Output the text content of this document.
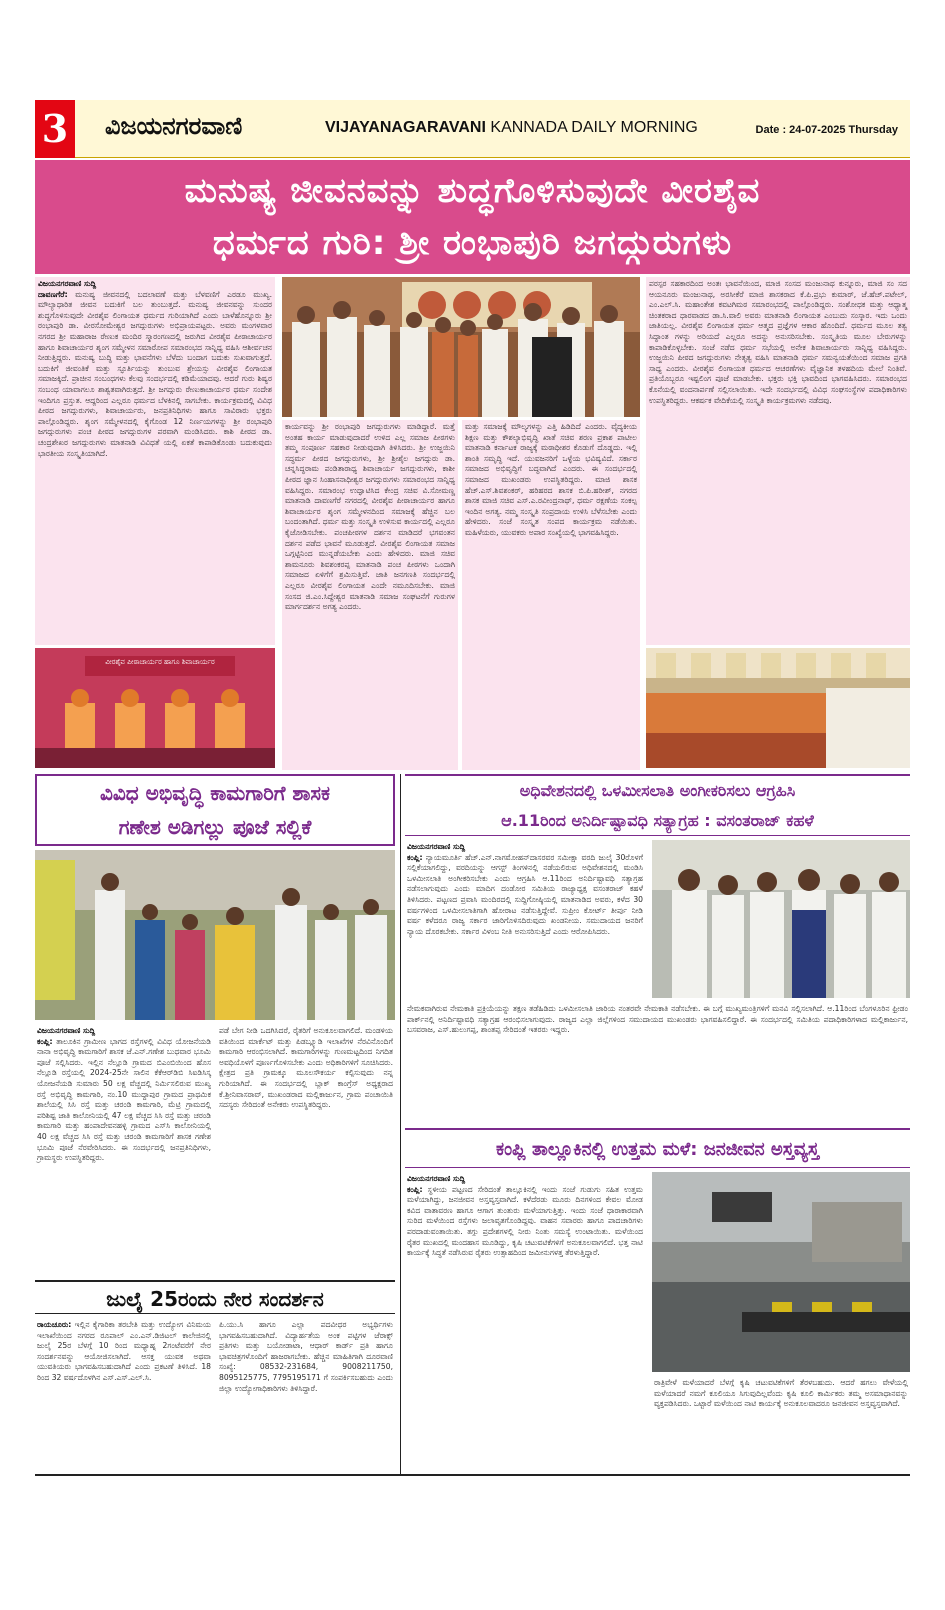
3 ವಿಜಯನಗರವಾಣಿ	VIJAYANAGARAVANI KANNADA DAILY MORNING	Date : 24-07-2025 Thursday
ಮನುಷ್ಯ ಜೀವನವನ್ನು ಶುದ್ಧಗೊಳಿಸುವುದೇ ವೀರಶೈವ
ಧರ್ಮದ ಗುರಿ: ಶ್ರೀ ರಂಭಾಪುರಿ ಜಗದ್ಗುರುಗಳು
ವಿಜಯನಗರವಾಣಿ ಸುದ್ದಿ
ದಾವಣಗೆರೆ: ಮನುಷ್ಯ ಜೀವನದಲ್ಲಿ ಬದಲಾವಣೆ ಮತ್ತು ಬೆಳವಣಿಗೆ ಎರಡೂ ಮುಖ್ಯ. ಮೌಲ್ಯಾಧಾರಿತ ಜೀವನ ಬದುಕಿಗೆ ಬಲ ತುಂಬುತ್ತದೆ. ಮನುಷ್ಯ ಜೀವನವನ್ನು ಸುಂದರ ಶುದ್ಧಗೊಳಿಸುವುದೇ ವೀರಶೈವ ಲಿಂಗಾಯತ ಧರ್ಮದ ಗುರಿಯಾಗಿದೆ ಎಂದು ಬಾಳೆಹೊನ್ನೂರು ಶ್ರೀ ರಂಭಾಪುರಿ ಡಾ. ವೀರಸೋಮೇಶ್ವರ ಜಗದ್ಗುರುಗಳು ಅಭಿಪ್ರಾಯಪಟ್ಟರು. ಅವರು ಮಂಗಳವಾರ ನಗರದ ಶ್ರೀ ಮಹಾರಾಜ ರೇಣುಕ ಮಂದಿರ ಸ್ಮಾರಂಗಣದಲ್ಲಿ ಜರುಗಿದ ವೀರಶೈವ ಪೀಠಾಚಾರ್ಯರ ಹಾಗೂ ಶಿವಾಚಾರ್ಯರ ಶೃಂಗ ಸಮ್ಮೇಳನ ಸಮಾರೋಪ ಸಮಾರಂಭದ ಸಾನ್ನಿಧ್ಯ ವಹಿಸಿ ಆಶೀರ್ವಚನ ನೀಡುತ್ತಿದ್ದರು. ಮನುಷ್ಯ ಬುದ್ಧಿ ಮತ್ತು ಭಾವನೆಗಳು ಬೆಳೆದು ಬಂದಾಗ ಬದುಕು ಸುಖವಾಗುತ್ತದೆ. ಬದುಕಿಗೆ ಜೀವಂತಿಕೆ ಮತ್ತು ಸ್ಫೂರ್ತಿಯನ್ನು ತುಂಬುವ ಶ್ರೇಯಸ್ಸು ವೀರಶೈವ ಲಿಂಗಾಯತ ಸಮಾಜಕ್ಕಿದೆ. ಪ್ರಾಚೀನ ಸಂಬಂಧಗಳು ಕೆಲವು ಸಂದರ್ಭದಲ್ಲಿ ಕಡಿಮೆಯಾದವು. ಆದರೆ ಗುರು ಶಿಷ್ಯರ ಸಂಬಂಧ ಯಾವಾಗಲೂ ಶಾಶ್ವತವಾಗಿರುತ್ತದೆ. ಶ್ರೀ ಜಗದ್ಗುರು ರೇಣುಕಾಚಾರ್ಯರ ಧರ್ಮ ಸಂದೇಶ ಇಂದಿಗೂ ಪ್ರಸ್ತುತ. ಆದ್ದರಿಂದ ಎಲ್ಲರೂ ಧರ್ಮದ ಬೆಳಕಿನಲ್ಲಿ ಸಾಗಬೇಕು. ಕಾರ್ಯಕ್ರಮದಲ್ಲಿ ವಿವಿಧ ಪೀಠದ ಜಗದ್ಗುರುಗಳು, ಶಿವಾಚಾರ್ಯರು, ಜನಪ್ರತಿನಿಧಿಗಳು ಹಾಗೂ ಸಾವಿರಾರು ಭಕ್ತರು ಪಾಲ್ಗೊಂಡಿದ್ದರು. ಶೃಂಗ ಸಮ್ಮೇಳನದಲ್ಲಿ ಕೈಗೊಂಡ 12 ನಿರ್ಣಯಗಳನ್ನು ಶ್ರೀ ರಂಭಾಪುರಿ ಜಗದ್ಗುರುಗಳು ಪಂಚ ಪೀಠದ ಜಗದ್ಗುರುಗಳ ಪರವಾಗಿ ಮಂಡಿಸಿದರು. ಕಾಶಿ ಪೀಠದ ಡಾ. ಚಂದ್ರಶೇಖರ ಜಗದ್ಗುರುಗಳು ಮಾತನಾಡಿ ವಿವಿಧತೆ ಯಲ್ಲಿ ಏಕತೆ ಕಾಪಾಡಿಕೊಂಡು ಬದುಕುವುದು ಭಾರತೀಯ ಸಂಸ್ಕೃತಿಯಾಗಿದೆ.
ಕಾರ್ಯವನ್ನು ಶ್ರೀ ರಂಭಾಪುರಿ ಜಗದ್ಗುರುಗಳು ಮಾಡಿದ್ದಾರೆ. ಮತ್ತೆ ಅಂತಹ ಕಾರ್ಯ ಮಾಡುವುದಾದರೆ ಉಳಿದ ಎಲ್ಲ ಸಮಾಜ ಪೀಠಗಳು ತಮ್ಮ ಸಂಪೂರ್ಣ ಸಹಕಾರ ನೀಡುವುದಾಗಿ ತಿಳಿಸಿದರು. ಶ್ರೀ ಉಜ್ಜಯಿನಿ ಸದ್ಧರ್ಮ ಪೀಠದ ಜಗದ್ಗುರುಗಳು, ಶ್ರೀ ಶ್ರೀಶೈಲ ಜಗದ್ಗುರು ಡಾ. ಚನ್ನಸಿದ್ಧರಾಮ ಪಂಡಿತಾರಾಧ್ಯ ಶಿವಾಚಾರ್ಯ ಜಗದ್ಗುರುಗಳು, ಕಾಶೀ ಪೀಠದ ಜ್ಞಾನ ಸಿಂಹಾಸನಾಧೀಶ್ವರ ಜಗದ್ಗುರುಗಳು ಸಮಾರಂಭದ ಸಾನ್ನಿಧ್ಯ ವಹಿಸಿದ್ದರು. ಸಮಾರಂಭ ಉದ್ಘಾಟಿಸಿದ ಕೇಂದ್ರ ಸಚಿವ ವಿ.ಸೋಮಣ್ಣ ಮಾತನಾಡಿ ದಾವಣಗೆರೆ ನಗರದಲ್ಲಿ ವೀರಶೈವ ಪೀಠಾಚಾರ್ಯರ ಹಾಗೂ ಶಿವಾಚಾರ್ಯರ ಶೃಂಗ ಸಮ್ಮೇಳನದಿಂದ ಸಮಾಜಕ್ಕೆ ಹೆಚ್ಚಿನ ಬಲ ಬಂದಂತಾಗಿದೆ. ಧರ್ಮ ಮತ್ತು ಸಂಸ್ಕೃತಿ ಉಳಿಸುವ ಕಾರ್ಯದಲ್ಲಿ ಎಲ್ಲರೂ ಕೈಜೋಡಿಸಬೇಕು. ಪಂಚಪೀಠಗಳ ದರ್ಶನ ಮಾಡಿದರೆ ಭಗವಂತನ ದರ್ಶನ ಪಡೆದ ಭಾವನೆ ಮೂಡುತ್ತದೆ. ವೀರಶೈವ ಲಿಂಗಾಯತ ಸಮಾಜ ಒಗ್ಗಟ್ಟಿನಿಂದ ಮುನ್ನಡೆಯಬೇಕು ಎಂದು ಹೇಳಿದರು. ಮಾಜಿ ಸಚಿವ ಶಾಮನೂರು ಶಿವಶಂಕರಪ್ಪ ಮಾತನಾಡಿ ಪಂಚ ಪೀಠಗಳು ಒಂದಾಗಿ ಸಮಾಜದ ಏಳಿಗೆಗೆ ಶ್ರಮಿಸುತ್ತಿವೆ. ಜಾತಿ ಜನಗಣತಿ ಸಂದರ್ಭದಲ್ಲಿ ಎಲ್ಲರೂ ವೀರಶೈವ ಲಿಂಗಾಯತ ಎಂದೇ ನಮೂದಿಸಬೇಕು. ಮಾಜಿ ಸಂಸದ ಜಿ.ಎಂ.ಸಿದ್ದೇಶ್ವರ ಮಾತನಾಡಿ ಸಮಾಜ ಸಂಘಟನೆಗೆ ಗುರುಗಳ ಮಾರ್ಗದರ್ಶನ ಅಗತ್ಯ ಎಂದರು.
ಮತ್ತು ಸಮಾಜಕ್ಕೆ ಮೌಲ್ಯಗಳನ್ನು ಎತ್ತಿ ಹಿಡಿದಿದೆ ಎಂದರು. ವೈದ್ಯಕೀಯ ಶಿಕ್ಷಣ ಮತ್ತು ಕೌಶಲ್ಯಾಭಿವೃದ್ಧಿ ಖಾತೆ ಸಚಿವ ಶರಣ ಪ್ರಕಾಶ ಪಾಟೀಲ ಮಾತನಾಡಿ ಕರ್ನಾಟಕ ರಾಜ್ಯಕ್ಕೆ ಮಠಾಧೀಶರ ಕೊಡುಗೆ ದೊಡ್ಡದು. ಇಲ್ಲಿ ಶಾಂತಿ ಸಮೃದ್ಧಿ ಇದೆ. ಯುವಜನರಿಗೆ ಒಳ್ಳೆಯ ಭವಿಷ್ಯವಿದೆ. ಸರ್ಕಾರ ಸಮಾಜದ ಅಭಿವೃದ್ಧಿಗೆ ಬದ್ಧವಾಗಿದೆ ಎಂದರು. ಈ ಸಂದರ್ಭದಲ್ಲಿ ಸಮಾಜದ ಮುಖಂಡರು ಉಪಸ್ಥಿತರಿದ್ದರು. ಮಾಜಿ ಶಾಸಕ ಹೆಚ್.ಎಸ್.ಶಿವಶಂಕರ್, ಹರಿಹರದ ಶಾಸಕ ಬಿ.ಪಿ.ಹರೀಶ್, ನಗರದ ಶಾಸಕ ಮಾಜಿ ಸಚಿವ ಎಸ್.ಎ.ರವೀಂದ್ರನಾಥ್, ಧರ್ಮ ರಕ್ಷಣೆಯ ಸಂಕಲ್ಪ ಇಂದಿನ ಅಗತ್ಯ. ನಮ್ಮ ಸಂಸ್ಕೃತಿ ಸಂಪ್ರದಾಯ ಉಳಿಸಿ ಬೆಳೆಸಬೇಕು ಎಂದು ಹೇಳಿದರು. ಸಂಜೆ ಸಂಸ್ಕೃತ ಸಂಪದ ಕಾರ್ಯಕ್ರಮ ನಡೆಯಿತು. ಮಹಿಳೆಯರು, ಯುವಕರು ಅಪಾರ ಸಂಖ್ಯೆಯಲ್ಲಿ ಭಾಗವಹಿಸಿದ್ದರು.
ಪರಸ್ಪರ ಸಹಕಾರದಿಂದ ಅಂತಃ ಭಾವನೆಯಿಂದ, ಮಾಜಿ ಸಂಸದ ಮಂಜುನಾಥ ಕುನ್ನೂರು, ಮಾಜಿ ಸಂ ಸದ ಆಯನೂರು ಮಂಜುನಾಥ, ಅರಸೀಕೆರೆ ಮಾಜಿ ಶಾಸಕರಾದ ಕೆ.ಪಿ.ಪ್ರಭು ಕುಮಾರ್, ಜೆ.ಹೆಚ್.ಪಟೇಲ್, ಎಂ.ಎಲ್.ಸಿ. ಮಹಾಂತೇಶ ಕವಟಗಿಮಠ ಸಮಾರಂಭದಲ್ಲಿ ಪಾಲ್ಗೊಂಡಿದ್ದರು. ಸಂಶೋಧಕ ಮತ್ತು ಆಧ್ಯಾತ್ಮ ಚಿಂತಕರಾದ ಧಾರವಾಡದ ಡಾ.ಸಿ.ವಾಲಿ ಅವರು ಮಾತನಾಡಿ ಲಿಂಗಾಯತ ಎಂಬುದು ಸಂಸ್ಕಾರ. ಇದು ಒಂದು ಜಾತಿಯಲ್ಲ. ವೀರಶೈವ ಲಿಂಗಾಯತ ಧರ್ಮ ಆತ್ಮದ ಪ್ರಜ್ಞೆಗಳ ಆಕಾರ ಹೊಂದಿದೆ. ಧರ್ಮದ ಮೂಲ ತತ್ವ ಸಿದ್ಧಾಂತ ಗಳನ್ನು ಅರಿಯದೆ ಎಲ್ಲರೂ ಅದನ್ನು ಅನುಸರಿಸಬೇಕು. ಸಂಸ್ಕೃತಿಯ ಮೂಲ ಬೇರುಗಳನ್ನು ಕಾಪಾಡಿಕೊಳ್ಳಬೇಕು. ಸಂಜೆ ನಡೆದ ಧರ್ಮ ಸಭೆಯಲ್ಲಿ ಅನೇಕ ಶಿವಾಚಾರ್ಯರು ಸಾನ್ನಿಧ್ಯ ವಹಿಸಿದ್ದರು. ಉಜ್ಜಯಿನಿ ಪೀಠದ ಜಗದ್ಗುರುಗಳು ನೇತೃತ್ವ ವಹಿಸಿ ಮಾತನಾಡಿ ಧರ್ಮ ಸಮನ್ವಯತೆಯಿಂದ ಸಮಾಜ ಪ್ರಗತಿ ಸಾಧ್ಯ ಎಂದರು. ವೀರಶೈವ ಲಿಂಗಾಯತ ಧರ್ಮದ ಆಚರಣೆಗಳು ವೈಜ್ಞಾನಿಕ ತಳಹದಿಯ ಮೇಲೆ ನಿಂತಿವೆ. ಪ್ರತಿಯೊಬ್ಬರೂ ಇಷ್ಟಲಿಂಗ ಪೂಜೆ ಮಾಡಬೇಕು. ಭಕ್ತರು ಭಕ್ತಿ ಭಾವದಿಂದ ಭಾಗವಹಿಸಿದರು. ಸಮಾರಂಭದ ಕೊನೆಯಲ್ಲಿ ವಂದನಾರ್ಪಣೆ ಸಲ್ಲಿಸಲಾಯಿತು. ಇದೇ ಸಂದರ್ಭದಲ್ಲಿ ವಿವಿಧ ಸಂಘಸಂಸ್ಥೆಗಳ ಪದಾಧಿಕಾರಿಗಳು ಉಪಸ್ಥಿತರಿದ್ದರು. ಆಕರ್ಷಕ ವೇದಿಕೆಯಲ್ಲಿ ಸಂಸ್ಕೃತಿ ಕಾರ್ಯಕ್ರಮಗಳು ನಡೆದವು.
ವೀರಶೈವ ಪೀಠಾಚಾರ್ಯರ ಹಾಗೂ ಶಿವಾಚಾರ್ಯರ
ವಿವಿಧ ಅಭಿವೃದ್ಧಿ ಕಾಮಗಾರಿಗೆ ಶಾಸಕ
ಗಣೇಶ ಅಡಿಗಲ್ಲು ಪೂಜೆ ಸಲ್ಲಿಕೆ
ವಿಜಯನಗರವಾಣಿ ಸುದ್ದಿ
ಕಂಪ್ಲಿ: ತಾಲೂಕಿನ ಗ್ರಾಮೀಣ ಭಾಗದ ರಸ್ತೆಗಳಲ್ಲಿ ವಿವಿಧ ಯೋಜನೆಯಡಿ ನಾನಾ ಅಭಿವೃದ್ಧಿ ಕಾಮಗಾರಿಗೆ ಶಾಸಕ ಜೆ.ಎನ್.ಗಣೇಶ ಬುಧವಾರ ಭೂಮಿ ಪೂಜೆ ಸಲ್ಲಿಸಿದರು. ಇಲ್ಲಿನ ನೆಲ್ಲೂಡಿ ಗ್ರಾಮದ ಬಿಎಂಬಿಯಿಂದ ಹೊಸ ನೆಲ್ಲೂಡಿ ರಸ್ತೆಯಲ್ಲಿ 2024-25ನೇ ಸಾಲಿನ ಕೆಕೆಆರ್‌ಡಿಬಿ ಸಿಐಡಿಸಿಸ್ಕ ಯೋಜನೆಯಡಿ ಸುಮಾರು 50 ಲಕ್ಷ ವೆಚ್ಚದಲ್ಲಿ ನಿರ್ಮಿಸಲಿರುವ ಮುಖ್ಯ ರಸ್ತೆ ಅಭಿವೃದ್ಧಿ ಕಾಮಗಾರಿ, ನಂ.10 ಮುದ್ದಾಪುರ ಗ್ರಾಮದ ಪ್ರಾಥಮಿಕ ಶಾಲೆಯಲ್ಲಿ ಸಿಸಿ ರಸ್ತೆ ಮತ್ತು ಚರಂಡಿ ಕಾಮಗಾರಿ, ಮೆಟ್ರಿ ಗ್ರಾಮದಲ್ಲಿ ಪರಿಶಿಷ್ಟ ಜಾತಿ ಕಾಲೋನಿಯಲ್ಲಿ 47 ಲಕ್ಷ ವೆಚ್ಚದ ಸಿಸಿ ರಸ್ತೆ ಮತ್ತು ಚರಂಡಿ ಕಾಮಗಾರಿ ಮತ್ತು ಹಂಪಾದೇವನಹಳ್ಳಿ ಗ್ರಾಮದ ಎಸ್‌ಸಿ ಕಾಲೋನಿಯಲ್ಲಿ 40 ಲಕ್ಷ ವೆಚ್ಚದ ಸಿಸಿ ರಸ್ತೆ ಮತ್ತು ಚರಂಡಿ ಕಾಮಗಾರಿಗೆ ಶಾಸಕ ಗಣೇಶ ಭೂಮಿ ಪೂಜೆ ನೆರವೇರಿಸಿದರು. ಈ ಸಂದರ್ಭದಲ್ಲಿ ಜನಪ್ರತಿನಿಧಿಗಳು, ಗ್ರಾಮಸ್ಥರು ಉಪಸ್ಥಿತರಿದ್ದರು.
ಪಡೆ ಬೇಗ ನೀಡಿ ಒದಗಿಸಿದರೆ, ರೈತರಿಗೆ ಅನುಕೂಲವಾಗಲಿದೆ. ಮಂಡಳಿಯ ವತಿಯಿಂದ ಮಾರ್ಕೆಟ್ ಮತ್ತು ಪಿಡಬ್ಲ್ಯೂಡಿ ಇಲಾಖೆಗಳ ನೆರವಿನೊಂದಿಗೆ ಕಾಮಗಾರಿ ಆರಂಭಿಸಲಾಗಿದೆ. ಕಾಮಗಾರಿಗಳನ್ನು ಗುಣಮಟ್ಟದಿಂದ ನಿಗದಿತ ಅವಧಿಯೊಳಗೆ ಪೂರ್ಣಗೊಳಿಸಬೇಕು ಎಂದು ಅಧಿಕಾರಿಗಳಿಗೆ ಸೂಚಿಸಿದರು. ಕ್ಷೇತ್ರದ ಪ್ರತಿ ಗ್ರಾಮಕ್ಕೂ ಮೂಲಸೌಕರ್ಯ ಕಲ್ಪಿಸುವುದು ನನ್ನ ಗುರಿಯಾಗಿದೆ. ಈ ಸಂದರ್ಭದಲ್ಲಿ ಬ್ಲಾಕ್ ಕಾಂಗ್ರೆಸ್ ಅಧ್ಯಕ್ಷರಾದ ಕೆ.ಶ್ರೀನಿವಾಸರಾವ್, ಮುಖಂಡರಾದ ಮಲ್ಲಿಕಾರ್ಜುನ, ಗ್ರಾಮ ಪಂಚಾಯಿತಿ ಸದಸ್ಯರು ಸೇರಿದಂತೆ ಅನೇಕರು ಉಪಸ್ಥಿತರಿದ್ದರು.
ಜುಲೈ 25ರಂದು ನೇರ ಸಂದರ್ಶನ
ರಾಯಚೂರು: ಇಲ್ಲಿನ ಕೈಗಾರಿಕಾ ತರಬೇತಿ ಮತ್ತು ಉದ್ಯೋಗ ವಿನಿಮಯ ಇಲಾಖೆಯಿಂದ ನಗರದ ರೂಪಾಲ್ ಎಂ.ಎನ್.ಡಿಜಿಟಲ್ ಕಾಲೇಜಿನಲ್ಲಿ ಜುಲೈ 25ರ ಬೆಳಗ್ಗೆ 10 ರಿಂದ ಮಧ್ಯಾಹ್ನ 2ಗಂಟೆವರೆಗೆ ನೇರ ಸಂದರ್ಶನವನ್ನು ಆಯೋಜಿಸಲಾಗಿದೆ. ಆಸಕ್ತ ಯುವಕ ಅಥವಾ ಯುವತಿಯರು ಭಾಗವಹಿಸಬಹುದಾಗಿದೆ ಎಂದು ಪ್ರಕಟಣೆ ತಿಳಿಸಿದೆ. 18 ರಿಂದ 32 ವರ್ಷದೊಳಗಿನ ಎಸ್.ಎಸ್.ಎಲ್.ಸಿ.
ಪಿ.ಯು.ಸಿ ಹಾಗೂ ಎಲ್ಲಾ ಪದವೀಧರ ಅಭ್ಯರ್ಥಿಗಳು ಭಾಗವಹಿಸಬಹುದಾಗಿದೆ. ವಿದ್ಯಾರ್ಹತೆಯ ಅಂಕ ಪಟ್ಟಿಗಳ ಜೆರಾಕ್ಸ್ ಪ್ರತಿಗಳು ಮತ್ತು ಬಯೋಡಾಟಾ, ಆಧಾರ್ ಕಾರ್ಡ್ ಪ್ರತಿ ಹಾಗೂ ಭಾವಚಿತ್ರಗಳೊಂದಿಗೆ ಹಾಜರಾಗಬೇಕು. ಹೆಚ್ಚಿನ ಮಾಹಿತಿಗಾಗಿ ದೂರವಾಣಿ ಸಂಖ್ಯೆ: 08532-231684, 9008211750, 8095125775, 7795195171 ಗೆ ಸಂಪರ್ಕಿಸಬಹುದು ಎಂದು ಜಿಲ್ಲಾ ಉದ್ಯೋಗಾಧಿಕಾರಿಗಳು ತಿಳಿಸಿದ್ದಾರೆ.
ಅಧಿವೇಶನದಲ್ಲಿ ಒಳಮೀಸಲಾತಿ ಅಂಗೀಕರಿಸಲು ಆಗ್ರಹಿಸಿ
ಆ.11ರಿಂದ ಅನಿರ್ದಿಷ್ಟಾವಧಿ ಸತ್ಯಾಗ್ರಹ : ವಸಂತರಾಜ್ ಕಹಳೆ
ವಿಜಯನಗರವಾಣಿ ಸುದ್ದಿ
ಕಂಪ್ಲಿ: ನ್ಯಾಯಮೂರ್ತಿ ಹೆಚ್.ಎನ್.ನಾಗಮೋಹನ್‌ದಾಸರವರ ಸಮೀಕ್ಷಾ ವರದಿ ಜುಲೈ 30ರೊಳಗೆ ಸಲ್ಲಿಕೆಯಾಗಲಿದ್ದು, ವರದಿಯನ್ನು ಆಗಸ್ಟ್ ತಿಂಗಳಿನಲ್ಲಿ ನಡೆಯಲಿರುವ ಅಧಿವೇಶನದಲ್ಲಿ ಮಂಡಿಸಿ ಒಳಮೀಸಲಾತಿ ಅಂಗೀಕರಿಸಬೇಕು ಎಂದು ಆಗ್ರಹಿಸಿ ಆ.11ರಿಂದ ಅನಿರ್ದಿಷ್ಟಾವಧಿ ಸತ್ಯಾಗ್ರಹ ನಡೆಸಲಾಗುವುದು ಎಂದು ಮಾದಿಗ ದಂಡೋರ ಸಮಿತಿಯ ರಾಜ್ಯಾಧ್ಯಕ್ಷ ವಸಂತರಾಜ್ ಕಹಳೆ ತಿಳಿಸಿದರು. ಪಟ್ಟಣದ ಪ್ರವಾಸಿ ಮಂದಿರದಲ್ಲಿ ಸುದ್ದಿಗೋಷ್ಠಿಯಲ್ಲಿ ಮಾತನಾಡಿದ ಅವರು, ಕಳೆದ 30 ವರ್ಷಗಳಿಂದ ಒಳಮೀಸಲಾತಿಗಾಗಿ ಹೋರಾಟ ನಡೆಸುತ್ತಿದ್ದೇವೆ. ಸುಪ್ರೀಂ ಕೋರ್ಟ್ ತೀರ್ಪು ನೀಡಿ ವರ್ಷ ಕಳೆದರೂ ರಾಜ್ಯ ಸರ್ಕಾರ ಜಾರಿಗೊಳಿಸದಿರುವುದು ಖಂಡನೀಯ. ಸಮುದಾಯದ ಜನರಿಗೆ ನ್ಯಾಯ ದೊರಕಬೇಕು. ಸರ್ಕಾರ ವಿಳಂಬ ನೀತಿ ಅನುಸರಿಸುತ್ತಿದೆ ಎಂದು ಆರೋಪಿಸಿದರು.
ನೇಮಕವಾಗಿರುವ ನೇಮಕಾತಿ ಪ್ರಕ್ರಿಯೆಯನ್ನು ತಕ್ಷಣ ತಡೆಹಿಡಿದು ಒಳಮೀಸಲಾತಿ ಜಾರಿಯ ನಂತರವೇ ನೇಮಕಾತಿ ನಡೆಸಬೇಕು. ಈ ಬಗ್ಗೆ ಮುಖ್ಯಮಂತ್ರಿಗಳಿಗೆ ಮನವಿ ಸಲ್ಲಿಸಲಾಗಿದೆ. ಆ.11ರಿಂದ ಬೆಂಗಳೂರಿನ ಫ್ರೀಡಂ ಪಾರ್ಕ್‌ನಲ್ಲಿ ಅನಿರ್ದಿಷ್ಟಾವಧಿ ಸತ್ಯಾಗ್ರಹ ಆರಂಭಿಸಲಾಗುವುದು. ರಾಜ್ಯದ ಎಲ್ಲಾ ಜಿಲ್ಲೆಗಳಿಂದ ಸಮುದಾಯದ ಮುಖಂಡರು ಭಾಗವಹಿಸಲಿದ್ದಾರೆ. ಈ ಸಂದರ್ಭದಲ್ಲಿ ಸಮಿತಿಯ ಪದಾಧಿಕಾರಿಗಳಾದ ಮಲ್ಲಿಕಾರ್ಜುನ, ಬಸವರಾಜ, ಎಸ್.ಹುಲುಗಪ್ಪ, ಶಾಂತಪ್ಪ ಸೇರಿದಂತೆ ಇತರರು ಇದ್ದರು.
ಕಂಪ್ಲಿ ತಾಲ್ಲೂಕಿನಲ್ಲಿ ಉತ್ತಮ ಮಳೆ: ಜನಜೀವನ ಅಸ್ತವ್ಯಸ್ತ
ವಿಜಯನಗರವಾಣಿ ಸುದ್ದಿ
ಕಂಪ್ಲಿ: ಸ್ಥಳೀಯ ಪಟ್ಟಣದ ಸೇರಿದಂತೆ ತಾಲ್ಲೂಕಿನಲ್ಲಿ ಇಂದು ಸಂಜೆ ಗುಡುಗು ಸಹಿತ ಉತ್ತಮ ಮಳೆಯಾಗಿದ್ದು, ಜನಜೀವನ ಅಸ್ತವ್ಯಸ್ತವಾಗಿದೆ. ಕಳೆದೆರಡು ಮೂರು ದಿನಗಳಿಂದ ಕೇವಲ ಮೋಡ ಕವಿದ ವಾತಾವರಣ ಹಾಗೂ ಆಗಾಗ ತುಂತುರು ಮಳೆಯಾಗುತ್ತಿತ್ತು. ಇಂದು ಸಂಜೆ ಧಾರಾಕಾರವಾಗಿ ಸುರಿದ ಮಳೆಯಿಂದ ರಸ್ತೆಗಳು ಜಲಾವೃತಗೊಂಡಿದ್ದವು. ವಾಹನ ಸವಾರರು ಹಾಗೂ ಪಾದಚಾರಿಗಳು ಪರದಾಡುವಂತಾಯಿತು. ತಗ್ಗು ಪ್ರದೇಶಗಳಲ್ಲಿ ನೀರು ನಿಂತು ಸಮಸ್ಯೆ ಉಂಟಾಯಿತು. ಮಳೆಯಿಂದ ರೈತರ ಮುಖದಲ್ಲಿ ಮಂದಹಾಸ ಮೂಡಿದ್ದು, ಕೃಷಿ ಚಟುವಟಿಕೆಗಳಿಗೆ ಅನುಕೂಲವಾಗಲಿದೆ. ಭತ್ತ ನಾಟಿ ಕಾರ್ಯಕ್ಕೆ ಸಿದ್ಧತೆ ನಡೆಸಿರುವ ರೈತರು ಉತ್ಸಾಹದಿಂದ ಜಮೀನುಗಳತ್ತ ತೆರಳುತ್ತಿದ್ದಾರೆ.
ರಾತ್ರಿವೇಳೆ ಮಳೆಯಾದರೆ ಬೆಳಗ್ಗೆ ಕೃಷಿ ಚಟುವಟಿಕೆಗಳಿಗೆ ತೆರಳಬಹುದು. ಆದರೆ ಹಗಲು ವೇಳೆಯಲ್ಲಿ ಮಳೆಯಾದರೆ ನಮಗೆ ಕೂಲಿಯೂ ಸಿಗುವುದಿಲ್ಲವೆಂದು ಕೃಷಿ ಕೂಲಿ ಕಾರ್ಮಿಕರು ತಮ್ಮ ಅಸಮಾಧಾನವನ್ನು ವ್ಯಕ್ತಪಡಿಸಿದರು. ಒಟ್ಟಾರೆ ಮಳೆಯಿಂದ ನಾಟಿ ಕಾರ್ಯಕ್ಕೆ ಅನುಕೂಲವಾದರೂ ಜನಜೀವನ ಅಸ್ತವ್ಯಸ್ತವಾಗಿದೆ.
